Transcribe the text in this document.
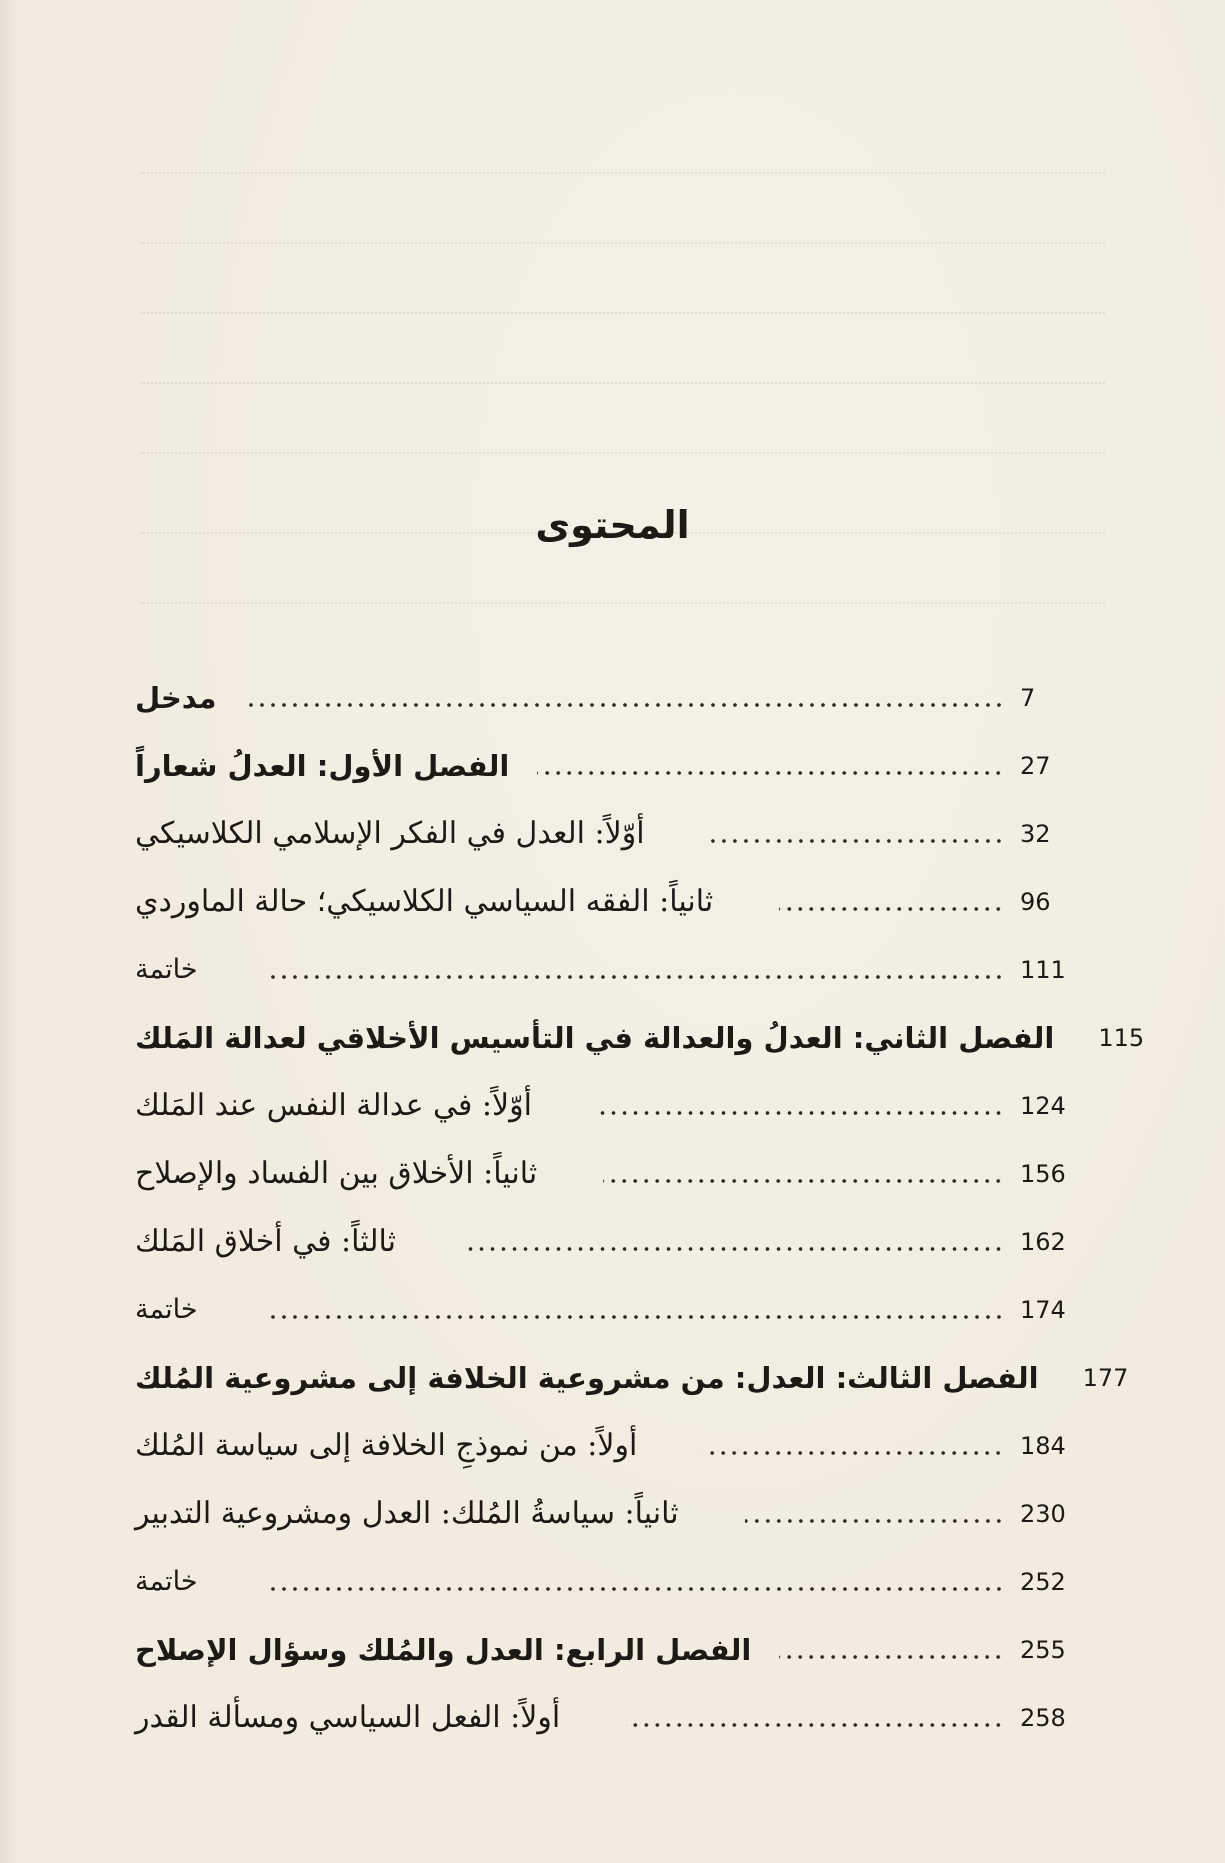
المحتوى
مدخل	7
الفصل الأول: العدلُ شعاراً	27
أوّلاً: العدل في الفكر الإسلامي الكلاسيكي	32
ثانياً: الفقه السياسي الكلاسيكي؛ حالة الماوردي	96
خاتمة	111
الفصل الثاني: العدلُ والعدالة في التأسيس الأخلاقي لعدالة المَلك 115
أوّلاً: في عدالة النفس عند المَلك	124
ثانياً: الأخلاق بين الفساد والإصلاح	156
ثالثاً: في أخلاق المَلك	162
خاتمة	174
الفصل الثالث: العدل: من مشروعية الخلافة إلى مشروعية المُلك 177
أولاً: من نموذجِ الخلافة إلى سياسة المُلك	184
ثانياً: سياسةُ المُلك: العدل ومشروعية التدبير	230
خاتمة	252
الفصل الرابع: العدل والمُلك وسؤال الإصلاح	255
أولاً: الفعل السياسي ومسألة القدر	258
